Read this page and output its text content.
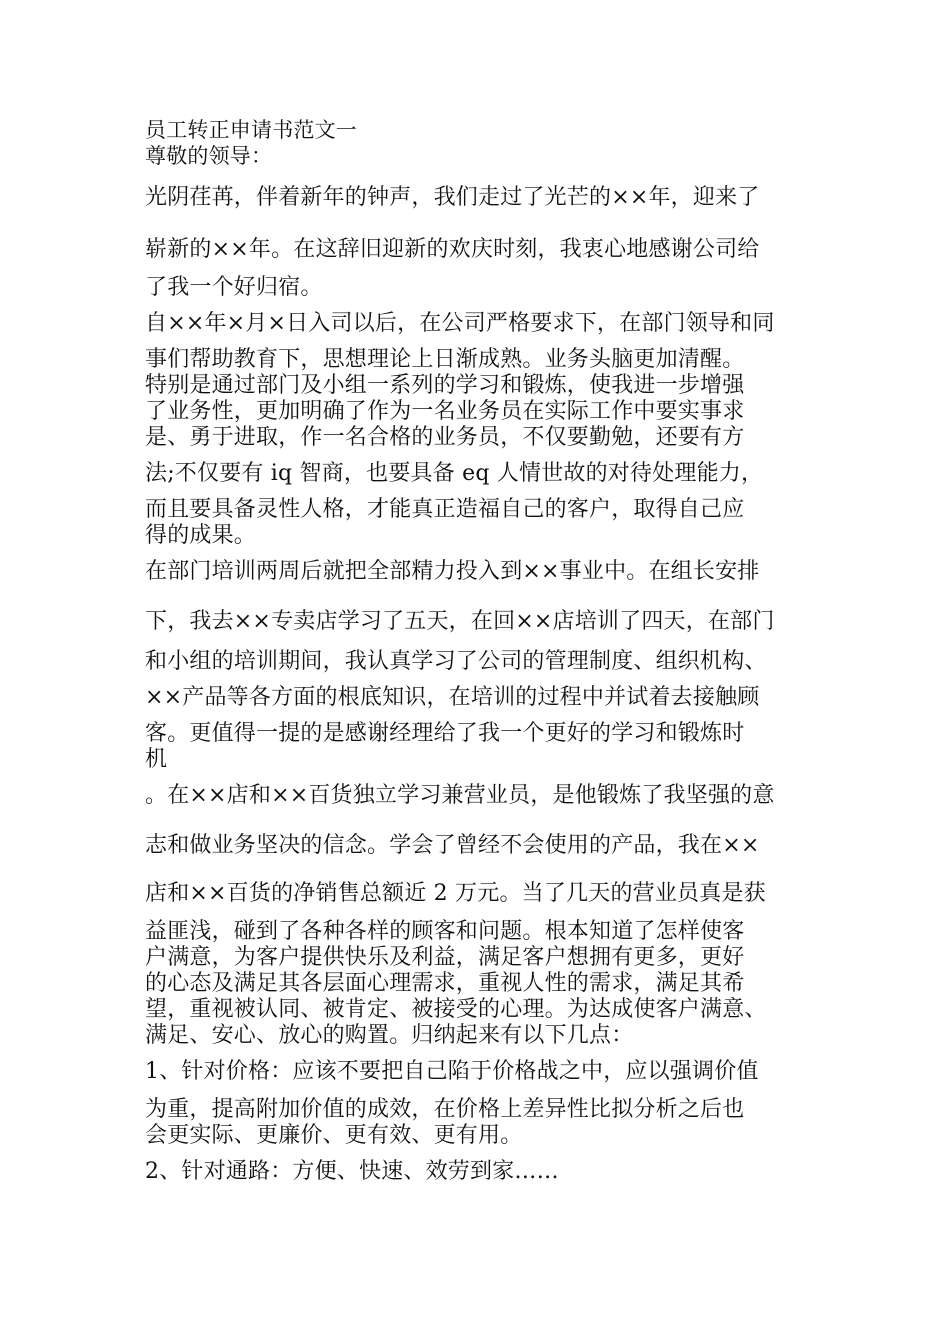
员工转正申请书范文一
尊敬的领导：
光阴荏苒，伴着新年的钟声，我们走过了光芒的××年，迎来了
崭新的××年。在这辞旧迎新的欢庆时刻，我衷心地感谢公司给
了我一个好归宿。
自××年×月×日入司以后，在公司严格要求下，在部门领导和同
事们帮助教育下，思想理论上日渐成熟。业务头脑更加清醒。
特别是通过部门及小组一系列的学习和锻炼，使我进一步增强
了业务性，更加明确了作为一名业务员在实际工作中要实事求
是、勇于进取，作一名合格的业务员，不仅要勤勉，还要有方
法;不仅要有 iq 智商，也要具备 eq 人情世故的对待处理能力，
而且要具备灵性人格，才能真正造福自己的客户，取得自己应
得的成果。
在部门培训两周后就把全部精力投入到××事业中。在组长安排
下，我去××专卖店学习了五天，在回××店培训了四天，在部门
和小组的培训期间，我认真学习了公司的管理制度、组织机构、
××产品等各方面的根底知识，在培训的过程中并试着去接触顾
客。更值得一提的是感谢经理给了我一个更好的学习和锻炼时
机
。在××店和××百货独立学习兼营业员，是他锻炼了我坚强的意
志和做业务坚决的信念。学会了曾经不会使用的产品，我在××
店和××百货的净销售总额近 2 万元。当了几天的营业员真是获
益匪浅，碰到了各种各样的顾客和问题。根本知道了怎样使客
户满意，为客户提供快乐及利益，满足客户想拥有更多，更好
的心态及满足其各层面心理需求，重视人性的需求，满足其希
望，重视被认同、被肯定、被接受的心理。为达成使客户满意、
满足、安心、放心的购置。归纳起来有以下几点：
1、针对价格：应该不要把自己陷于价格战之中，应以强调价值
为重，提高附加价值的成效，在价格上差异性比拟分析之后也
会更实际、更廉价、更有效、更有用。
2、针对通路：方便、快速、效劳到家……
